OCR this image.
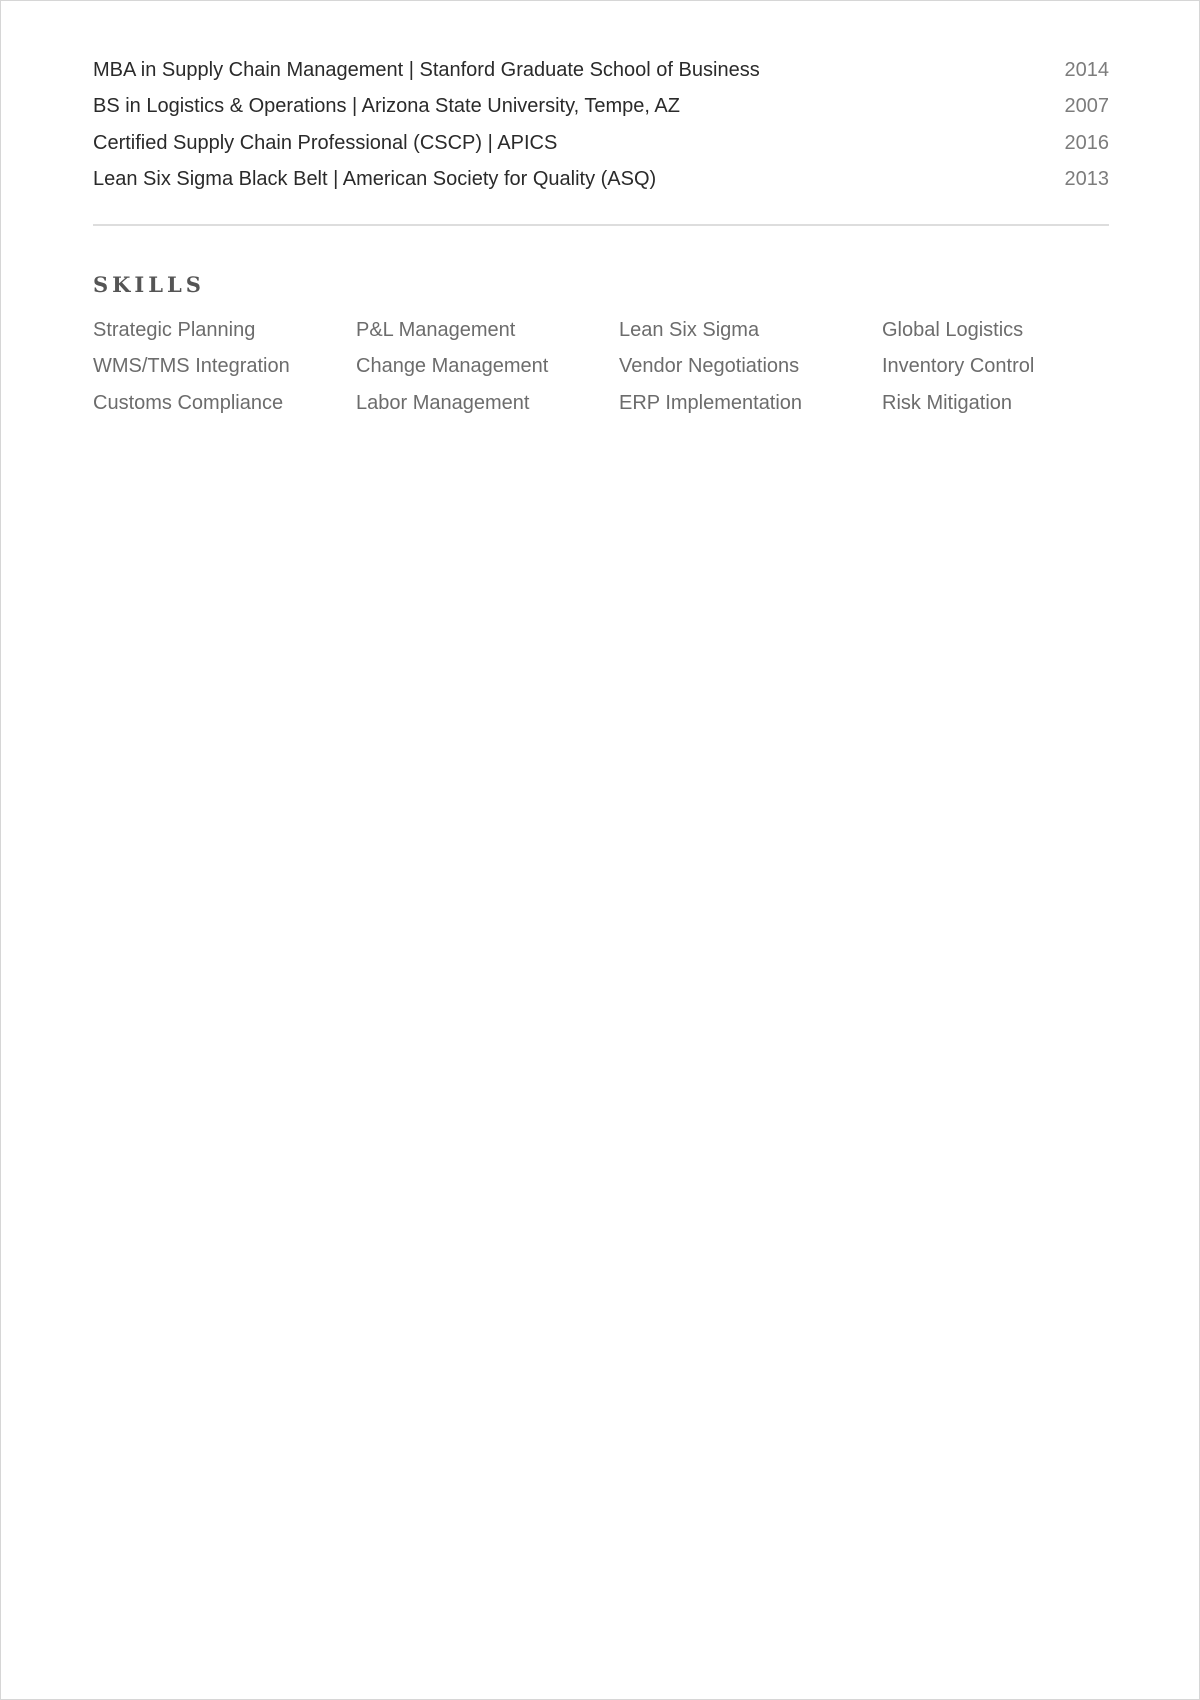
MBA in Supply Chain Management | Stanford Graduate School of Business	2014
BS in Logistics & Operations | Arizona State University, Tempe, AZ	2007
Certified Supply Chain Professional (CSCP) | APICS	2016
Lean Six Sigma Black Belt | American Society for Quality (ASQ)	2013
SKILLS
Strategic Planning	P&L Management	Lean Six Sigma	Global Logistics
WMS/TMS Integration	Change Management	Vendor Negotiations	Inventory Control
Customs Compliance	Labor Management	ERP Implementation	Risk Mitigation
